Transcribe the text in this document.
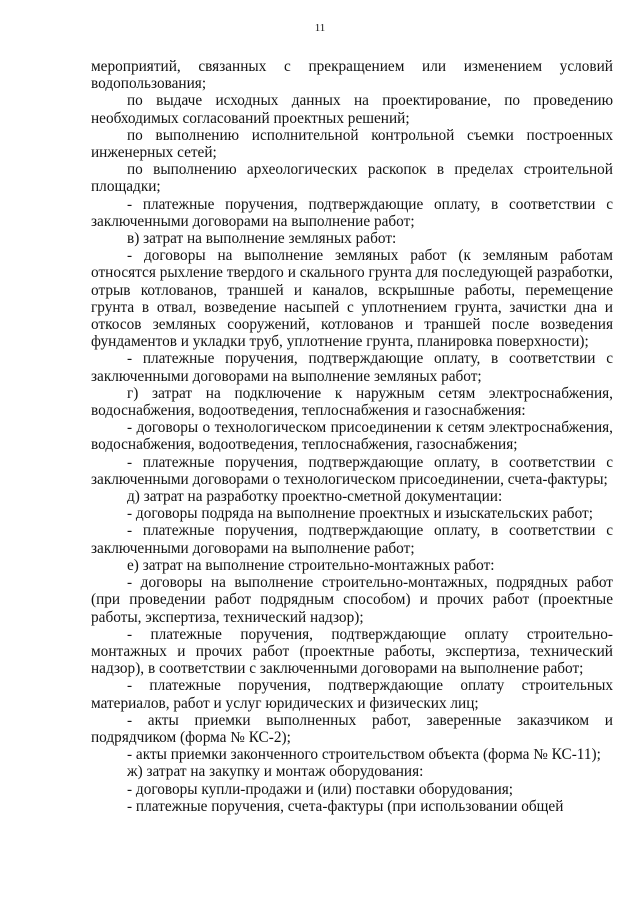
11

мероприятий, связанных с прекращением или изменением условий водопользования;

по выдаче исходных данных на проектирование, по проведению необходимых согласований проектных решений;

по выполнению исполнительной контрольной съемки построенных инженерных сетей;

по выполнению археологических раскопок в пределах строительной площадки;

- платежные поручения, подтверждающие оплату, в соответствии с заключенными договорами на выполнение работ;

в) затрат на выполнение земляных работ:

- договоры на выполнение земляных работ (к земляным работам относятся рыхление твердого и скального грунта для последующей разработки, отрыв котлованов, траншей и каналов, вскрышные работы, перемещение грунта в отвал, возведение насыпей с уплотнением грунта, зачистки дна и откосов земляных сооружений, котлованов и траншей после возведения фундаментов и укладки труб, уплотнение грунта, планировка поверхности);

- платежные поручения, подтверждающие оплату, в соответствии с заключенными договорами на выполнение земляных работ;

г) затрат на подключение к наружным сетям электроснабжения, водоснабжения, водоотведения, теплоснабжения и газоснабжения:

- договоры о технологическом присоединении к сетям электроснабжения, водоснабжения, водоотведения, теплоснабжения, газоснабжения;

- платежные поручения, подтверждающие оплату, в соответствии с заключенными договорами о технологическом присоединении, счета-фактуры;

д) затрат на разработку проектно-сметной документации:

- договоры подряда на выполнение проектных и изыскательских работ;

- платежные поручения, подтверждающие оплату, в соответствии с заключенными договорами на выполнение работ;

е) затрат на выполнение строительно-монтажных работ:

- договоры на выполнение строительно-монтажных, подрядных работ (при проведении работ подрядным способом) и прочих работ (проектные работы, экспертиза, технический надзор);

- платежные поручения, подтверждающие оплату строительно-монтажных и прочих работ (проектные работы, экспертиза, технический надзор), в соответствии с заключенными договорами на выполнение работ;

- платежные поручения, подтверждающие оплату строительных материалов, работ и услуг юридических и физических лиц;

- акты приемки выполненных работ, заверенные заказчиком и подрядчиком (форма № КС-2);

- акты приемки законченного строительством объекта (форма № КС-11);

ж) затрат на закупку и монтаж оборудования:

- договоры купли-продажи и (или) поставки оборудования;

- платежные поручения, счета-фактуры (при использовании общей
